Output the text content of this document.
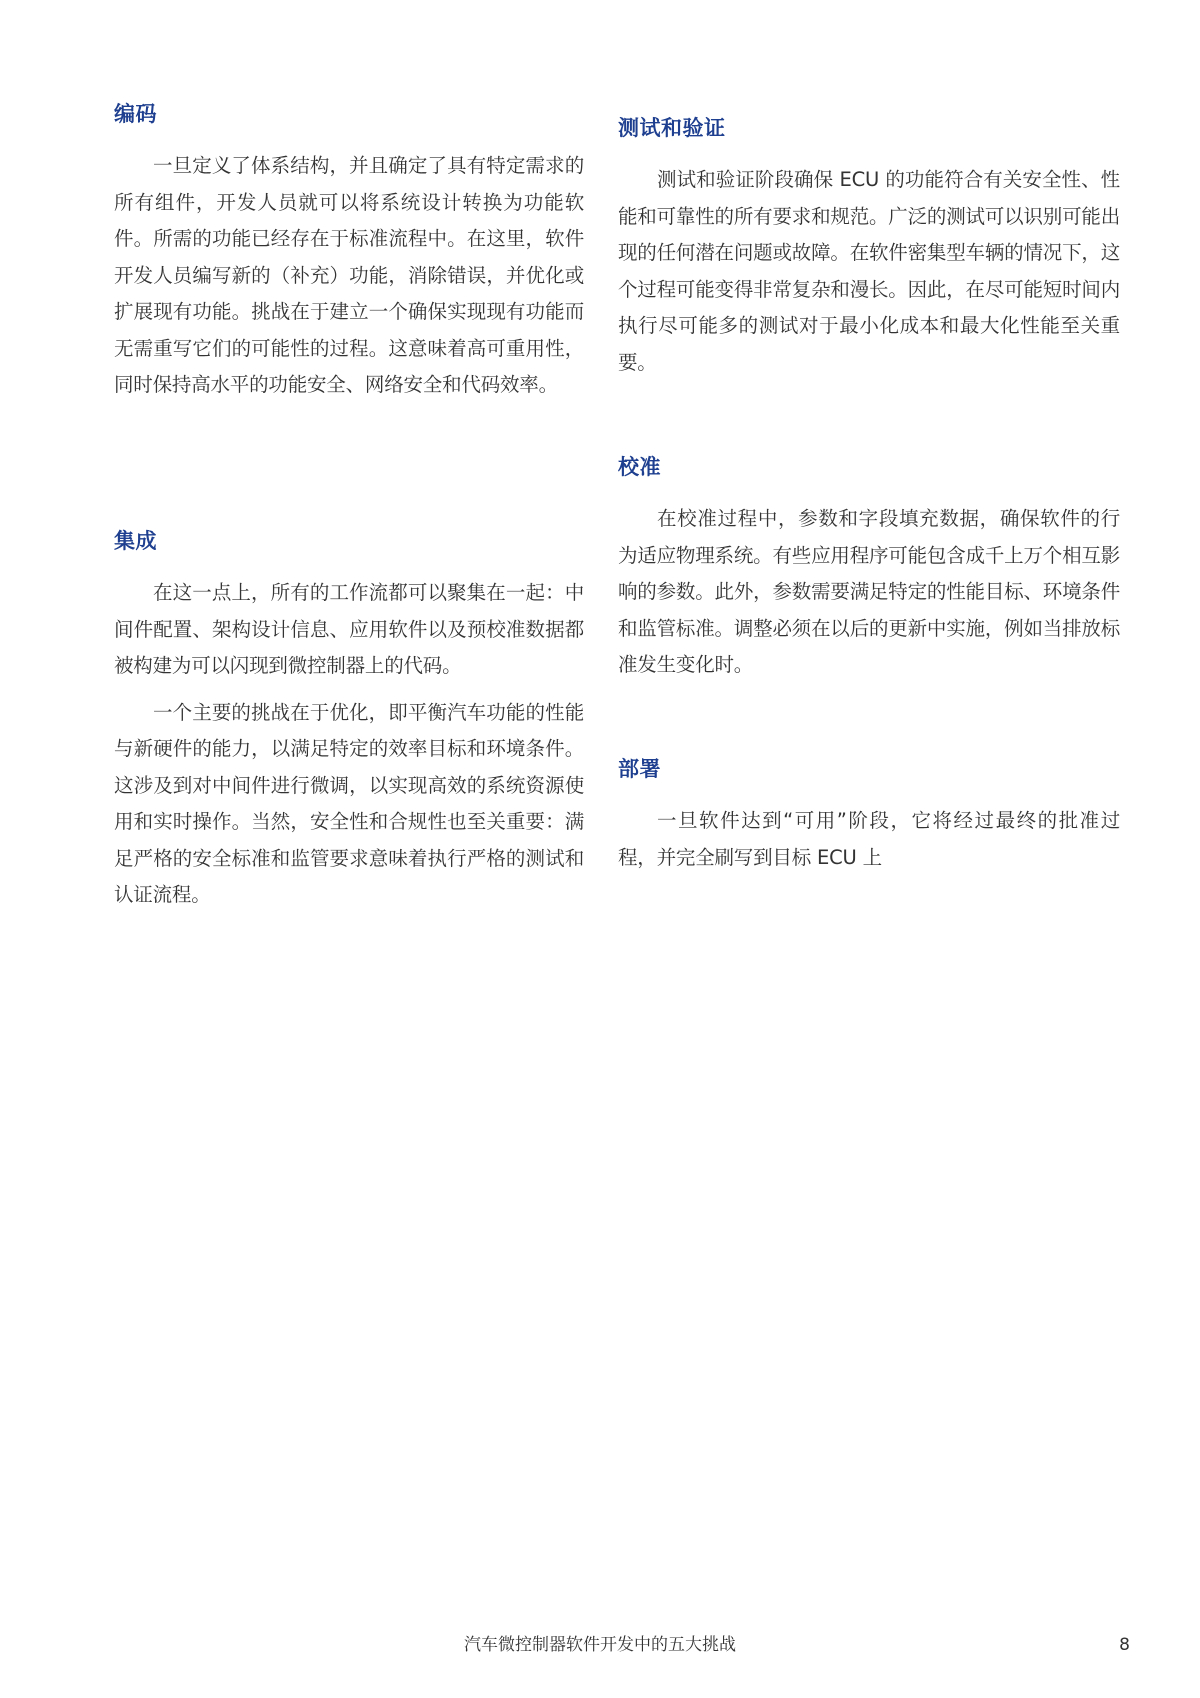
编码

一旦定义了体系结构，并且确定了具有特定需求的所有组件，开发人员就可以将系统设计转换为功能软件。所需的功能已经存在于标准流程中。在这里，软件开发人员编写新的（补充）功能，消除错误，并优化或扩展现有功能。挑战在于建立一个确保实现现有功能而无需重写它们的可能性的过程。这意味着高可重用性，同时保持高水平的功能安全、网络安全和代码效率。

集成

在这一点上，所有的工作流都可以聚集在一起：中间件配置、架构设计信息、应用软件以及预校准数据都被构建为可以闪现到微控制器上的代码。

一个主要的挑战在于优化，即平衡汽车功能的性能与新硬件的能力，以满足特定的效率目标和环境条件。这涉及到对中间件进行微调，以实现高效的系统资源使用和实时操作。当然，安全性和合规性也至关重要：满足严格的安全标准和监管要求意味着执行严格的测试和认证流程。

测试和验证

测试和验证阶段确保 ECU 的功能符合有关安全性、性能和可靠性的所有要求和规范。广泛的测试可以识别可能出现的任何潜在问题或故障。在软件密集型车辆的情况下，这个过程可能变得非常复杂和漫长。因此，在尽可能短时间内执行尽可能多的测试对于最小化成本和最大化性能至关重要。

校准

在校准过程中，参数和字段填充数据，确保软件的行为适应物理系统。有些应用程序可能包含成千上万个相互影响的参数。此外，参数需要满足特定的性能目标、环境条件和监管标准。调整必须在以后的更新中实施，例如当排放标准发生变化时。

部署

一旦软件达到“可用”阶段，它将经过最终的批准过程，并完全刷写到目标 ECU 上

汽车微控制器软件开发中的五大挑战	8
